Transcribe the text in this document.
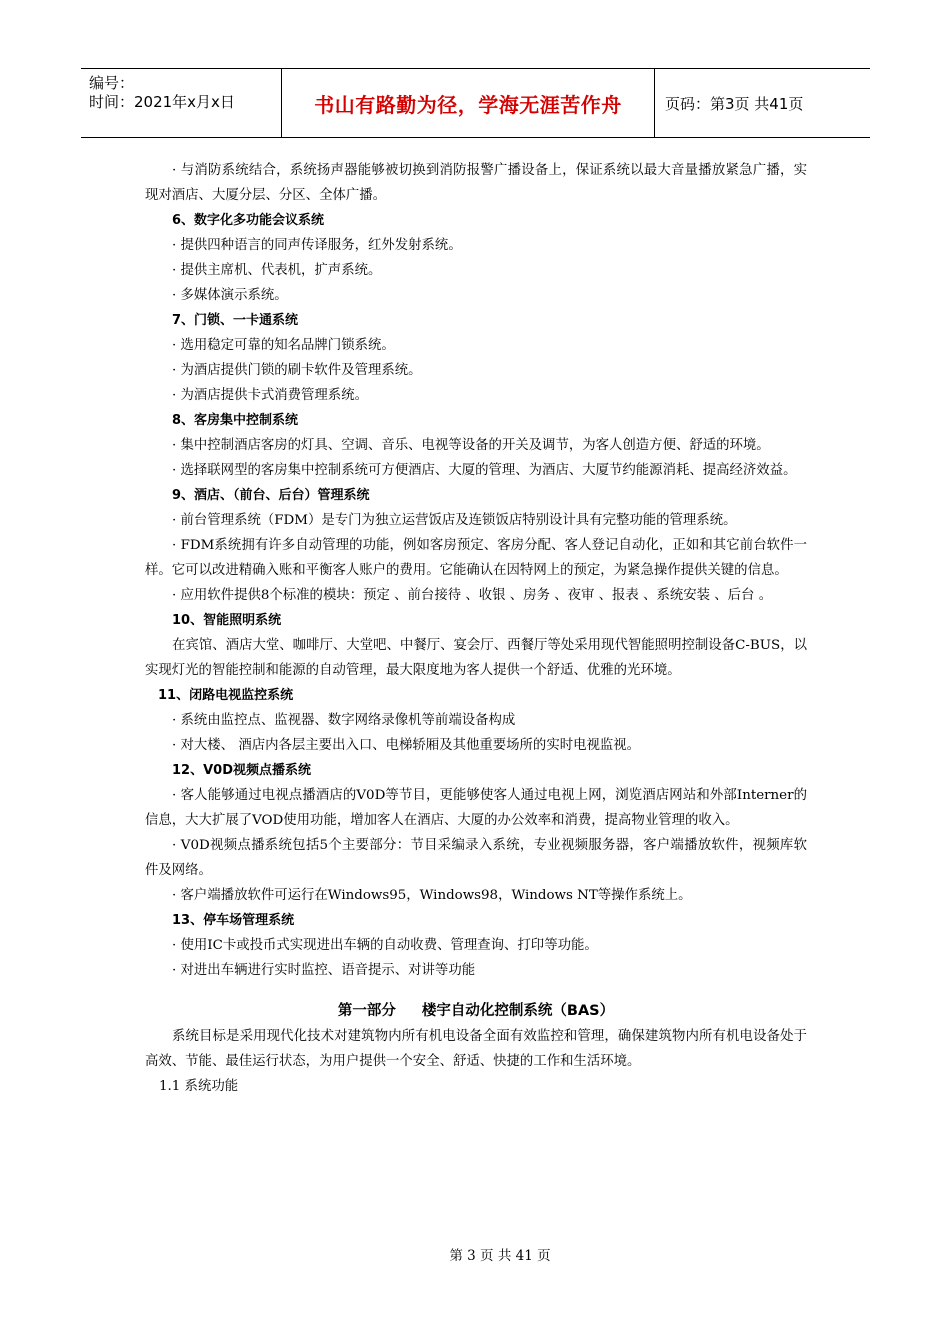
编号：
时间：2021年x月x日	书山有路勤为径，学海无涯苦作舟	页码：第3页 共41页

· 与消防系统结合，系统扬声器能够被切换到消防报警广播设备上，保证系统以最大音量播放紧急广播，实现对酒店、大厦分层、分区、全体广播。

6、数字化多功能会议系统

· 提供四种语言的同声传译服务，红外发射系统。

· 提供主席机、代表机，扩声系统。

· 多媒体演示系统。

7、门锁、一卡通系统

· 选用稳定可靠的知名品牌门锁系统。

· 为酒店提供门锁的刷卡软件及管理系统。

· 为酒店提供卡式消费管理系统。

8、客房集中控制系统

· 集中控制酒店客房的灯具、空调、音乐、电视等设备的开关及调节，为客人创造方便、舒适的环境。

· 选择联网型的客房集中控制系统可方便酒店、大厦的管理、为酒店、大厦节约能源消耗、提高经济效益。

9、酒店、（前台、后台）管理系统

· 前台管理系统（FDM）是专门为独立运营饭店及连锁饭店特别设计具有完整功能的管理系统。

· FDM系统拥有许多自动管理的功能，例如客房预定、客房分配、客人登记自动化，正如和其它前台软件一样。它可以改进精确入账和平衡客人账户的费用。它能确认在因特网上的预定，为紧急操作提供关键的信息。

· 应用软件提供8个标准的模块：预定 、前台接待 、收银 、房务 、夜审 、报表 、系统安装 、后台 。

10、智能照明系统

在宾馆、酒店大堂、咖啡厅、大堂吧、中餐厅、宴会厅、西餐厅等处采用现代智能照明控制设备C-BUS，以实现灯光的智能控制和能源的自动管理，最大限度地为客人提供一个舒适、优雅的光环境。

11、闭路电视监控系统

· 系统由监控点、监视器、数字网络录像机等前端设备构成

· 对大楼、 酒店内各层主要出入口、电梯轿厢及其他重要场所的实时电视监视。

12、V0D视频点播系统

· 客人能够通过电视点播酒店的V0D等节目，更能够使客人通过电视上网，浏览酒店网站和外部Interner的信息，大大扩展了VOD使用功能，增加客人在酒店、大厦的办公效率和消费，提高物业管理的收入。

· V0D视频点播系统包括5个主要部分：节目采编录入系统，专业视频服务器，客户端播放软件，视频库软件及网络。

· 客户端播放软件可运行在Windows95，Windows98，Windows NT等操作系统上。

13、停车场管理系统

· 使用IC卡或投币式实现进出车辆的自动收费、管理查询、打印等功能。

· 对进出车辆进行实时监控、语音提示、对讲等功能

第一部分 楼宇自动化控制系统（BAS）

系统目标是采用现代化技术对建筑物内所有机电设备全面有效监控和管理，确保建筑物内所有机电设备处于高效、节能、最佳运行状态，为用户提供一个安全、舒适、快捷的工作和生活环境。

1.1 系统功能

第 3 页 共 41 页
